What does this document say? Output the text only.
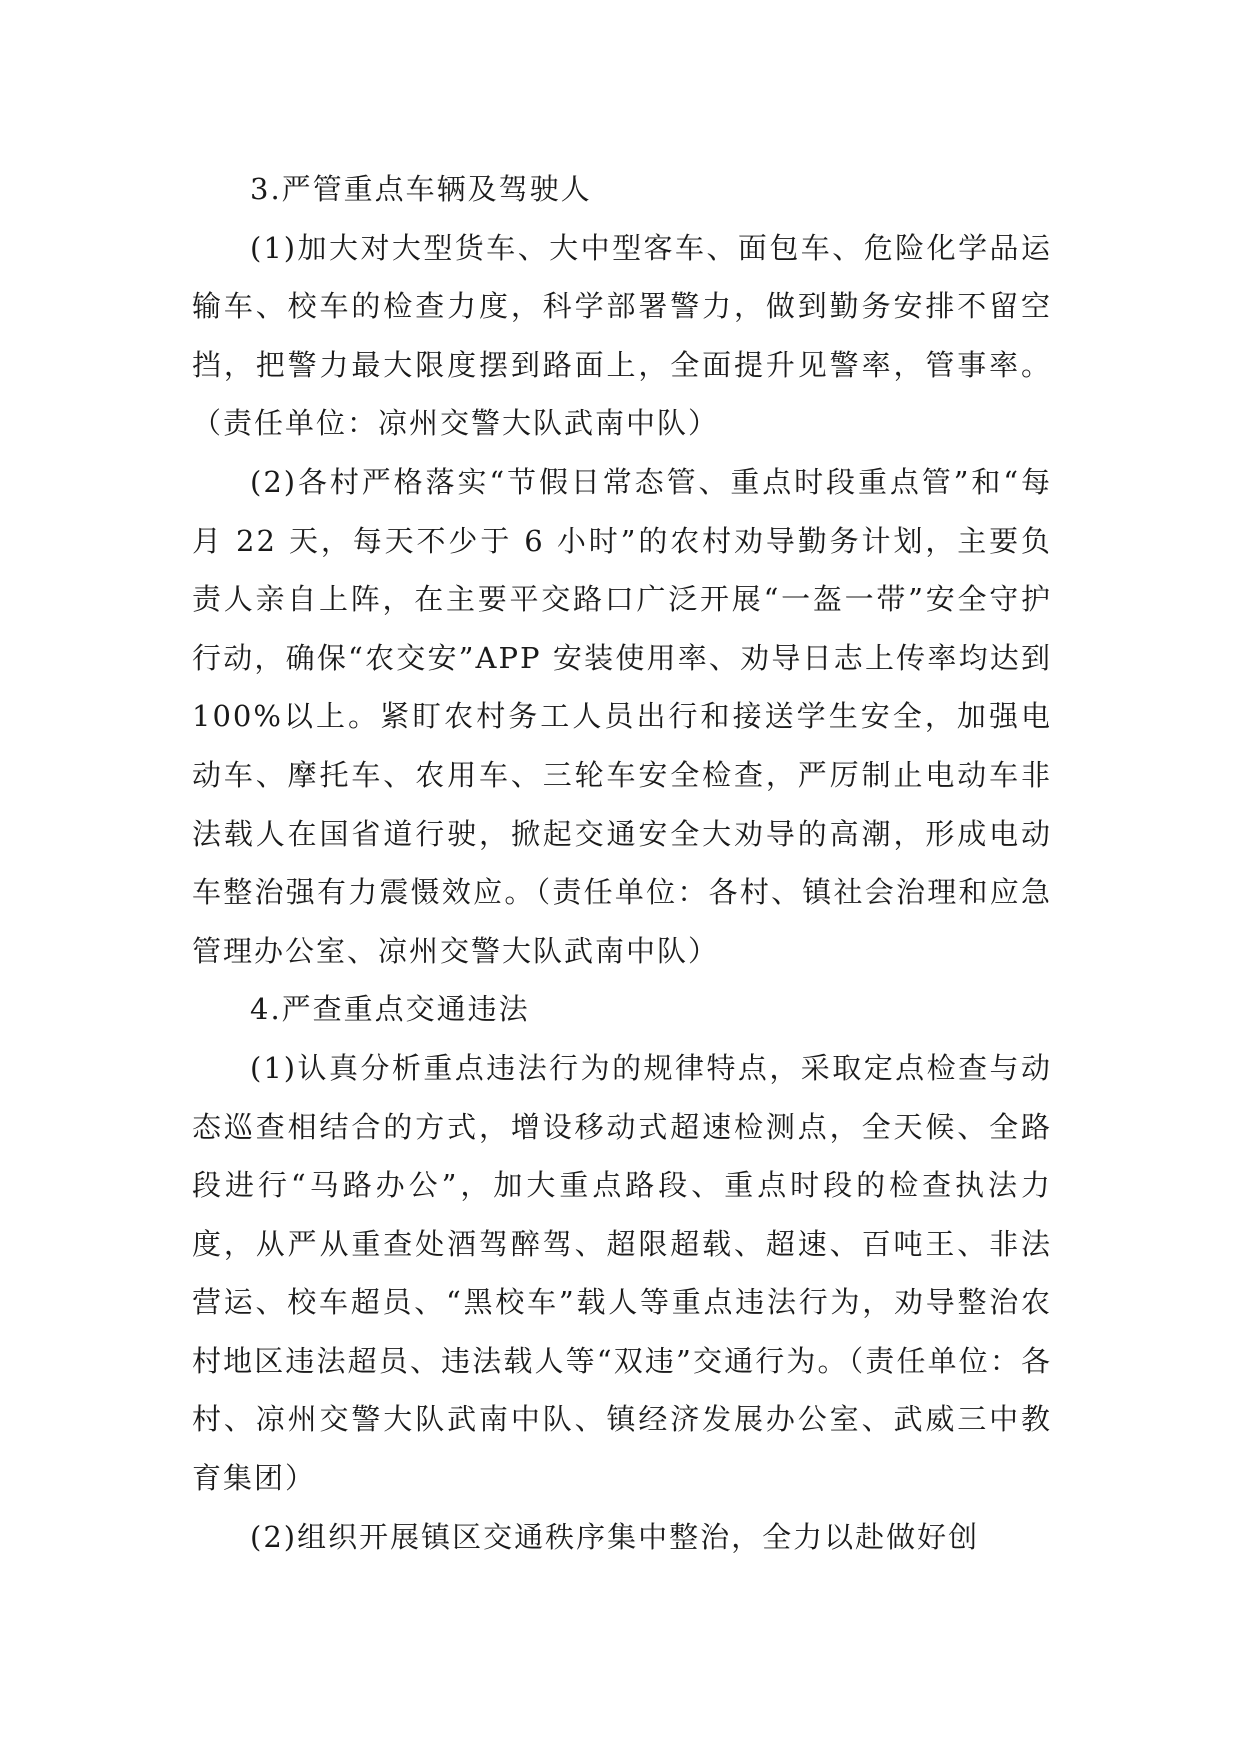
3.严管重点车辆及驾驶人

(1)加大对大型货车、大中型客车、面包车、危险化学品运输车、校车的检查力度，科学部署警力，做到勤务安排不留空挡，把警力最大限度摆到路面上，全面提升见警率，管事率。（责任单位：凉州交警大队武南中队）

(2)各村严格落实“节假日常态管、重点时段重点管”和“每月 22 天，每天不少于 6 小时”的农村劝导勤务计划，主要负责人亲自上阵，在主要平交路口广泛开展“一盔一带”安全守护行动，确保“农交安”APP 安装使用率、劝导日志上传率均达到 100%以上。紧盯农村务工人员出行和接送学生安全，加强电动车、摩托车、农用车、三轮车安全检查，严厉制止电动车非法载人在国省道行驶，掀起交通安全大劝导的高潮，形成电动车整治强有力震慑效应。（责任单位：各村、镇社会治理和应急管理办公室、凉州交警大队武南中队）

4.严查重点交通违法

(1)认真分析重点违法行为的规律特点，采取定点检查与动态巡查相结合的方式，增设移动式超速检测点，全天候、全路段进行“马路办公”，加大重点路段、重点时段的检查执法力度，从严从重查处酒驾醉驾、超限超载、超速、百吨王、非法营运、校车超员、“黑校车”载人等重点违法行为，劝导整治农村地区违法超员、违法载人等“双违”交通行为。（责任单位：各村、凉州交警大队武南中队、镇经济发展办公室、武威三中教育集团）

(2)组织开展镇区交通秩序集中整治，全力以赴做好创
